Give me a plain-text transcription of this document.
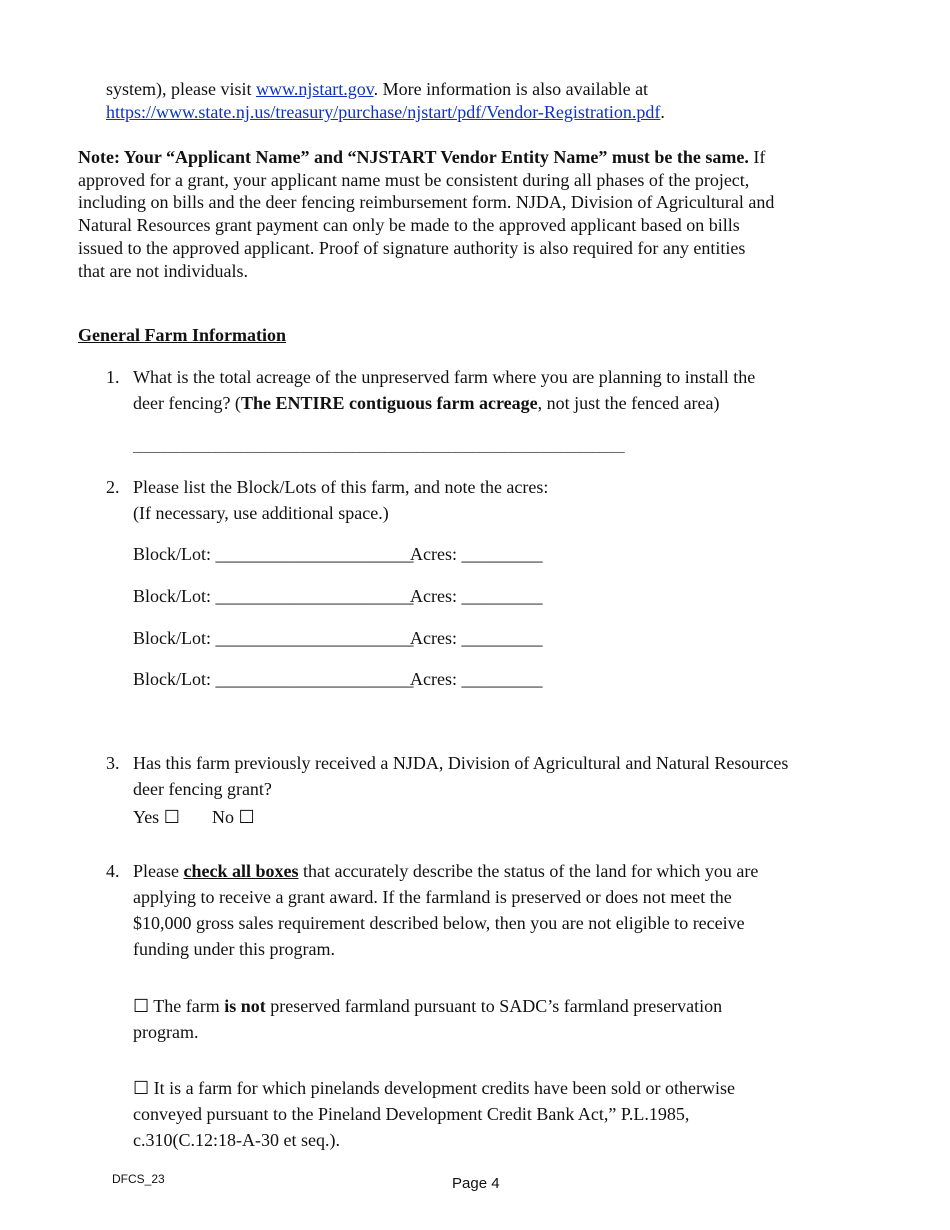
system), please visit www.njstart.gov. More information is also available at
https://www.state.nj.us/treasury/purchase/njstart/pdf/Vendor-Registration.pdf.
Note: Your “Applicant Name” and “NJSTART Vendor Entity Name” must be the same. If
approved for a grant, your applicant name must be consistent during all phases of the project,
including on bills and the deer fencing reimbursement form. NJDA, Division of Agricultural and
Natural Resources grant payment can only be made to the approved applicant based on bills
issued to the approved applicant. Proof of signature authority is also required for any entities
that are not individuals.
General Farm Information
1. What is the total acreage of the unpreserved farm where you are planning to install the
deer fencing? (The ENTIRE contiguous farm acreage, not just the fenced area)
______________________________________________________________________________
2. Please list the Block/Lots of this farm, and note the acres:
(If necessary, use additional space.)
Block/Lot: ______________________
Acres: _________
Block/Lot: ______________________
Acres: _________
Block/Lot: ______________________
Acres: _________
Block/Lot: ______________________
Acres: _________
3. Has this farm previously received a NJDA, Division of Agricultural and Natural Resources
deer fencing grant?
Yes ☐ No ☐
4. Please check all boxes that accurately describe the status of the land for which you are
applying to receive a grant award. If the farmland is preserved or does not meet the
$10,000 gross sales requirement described below, then you are not eligible to receive
funding under this program.
☐ The farm is not preserved farmland pursuant to SADC’s farmland preservation
program.
☐ It is a farm for which pinelands development credits have been sold or otherwise
conveyed pursuant to the Pineland Development Credit Bank Act,” P.L.1985,
c.310(C.12:18-A-30 et seq.).
DFCS_23	Page 4
